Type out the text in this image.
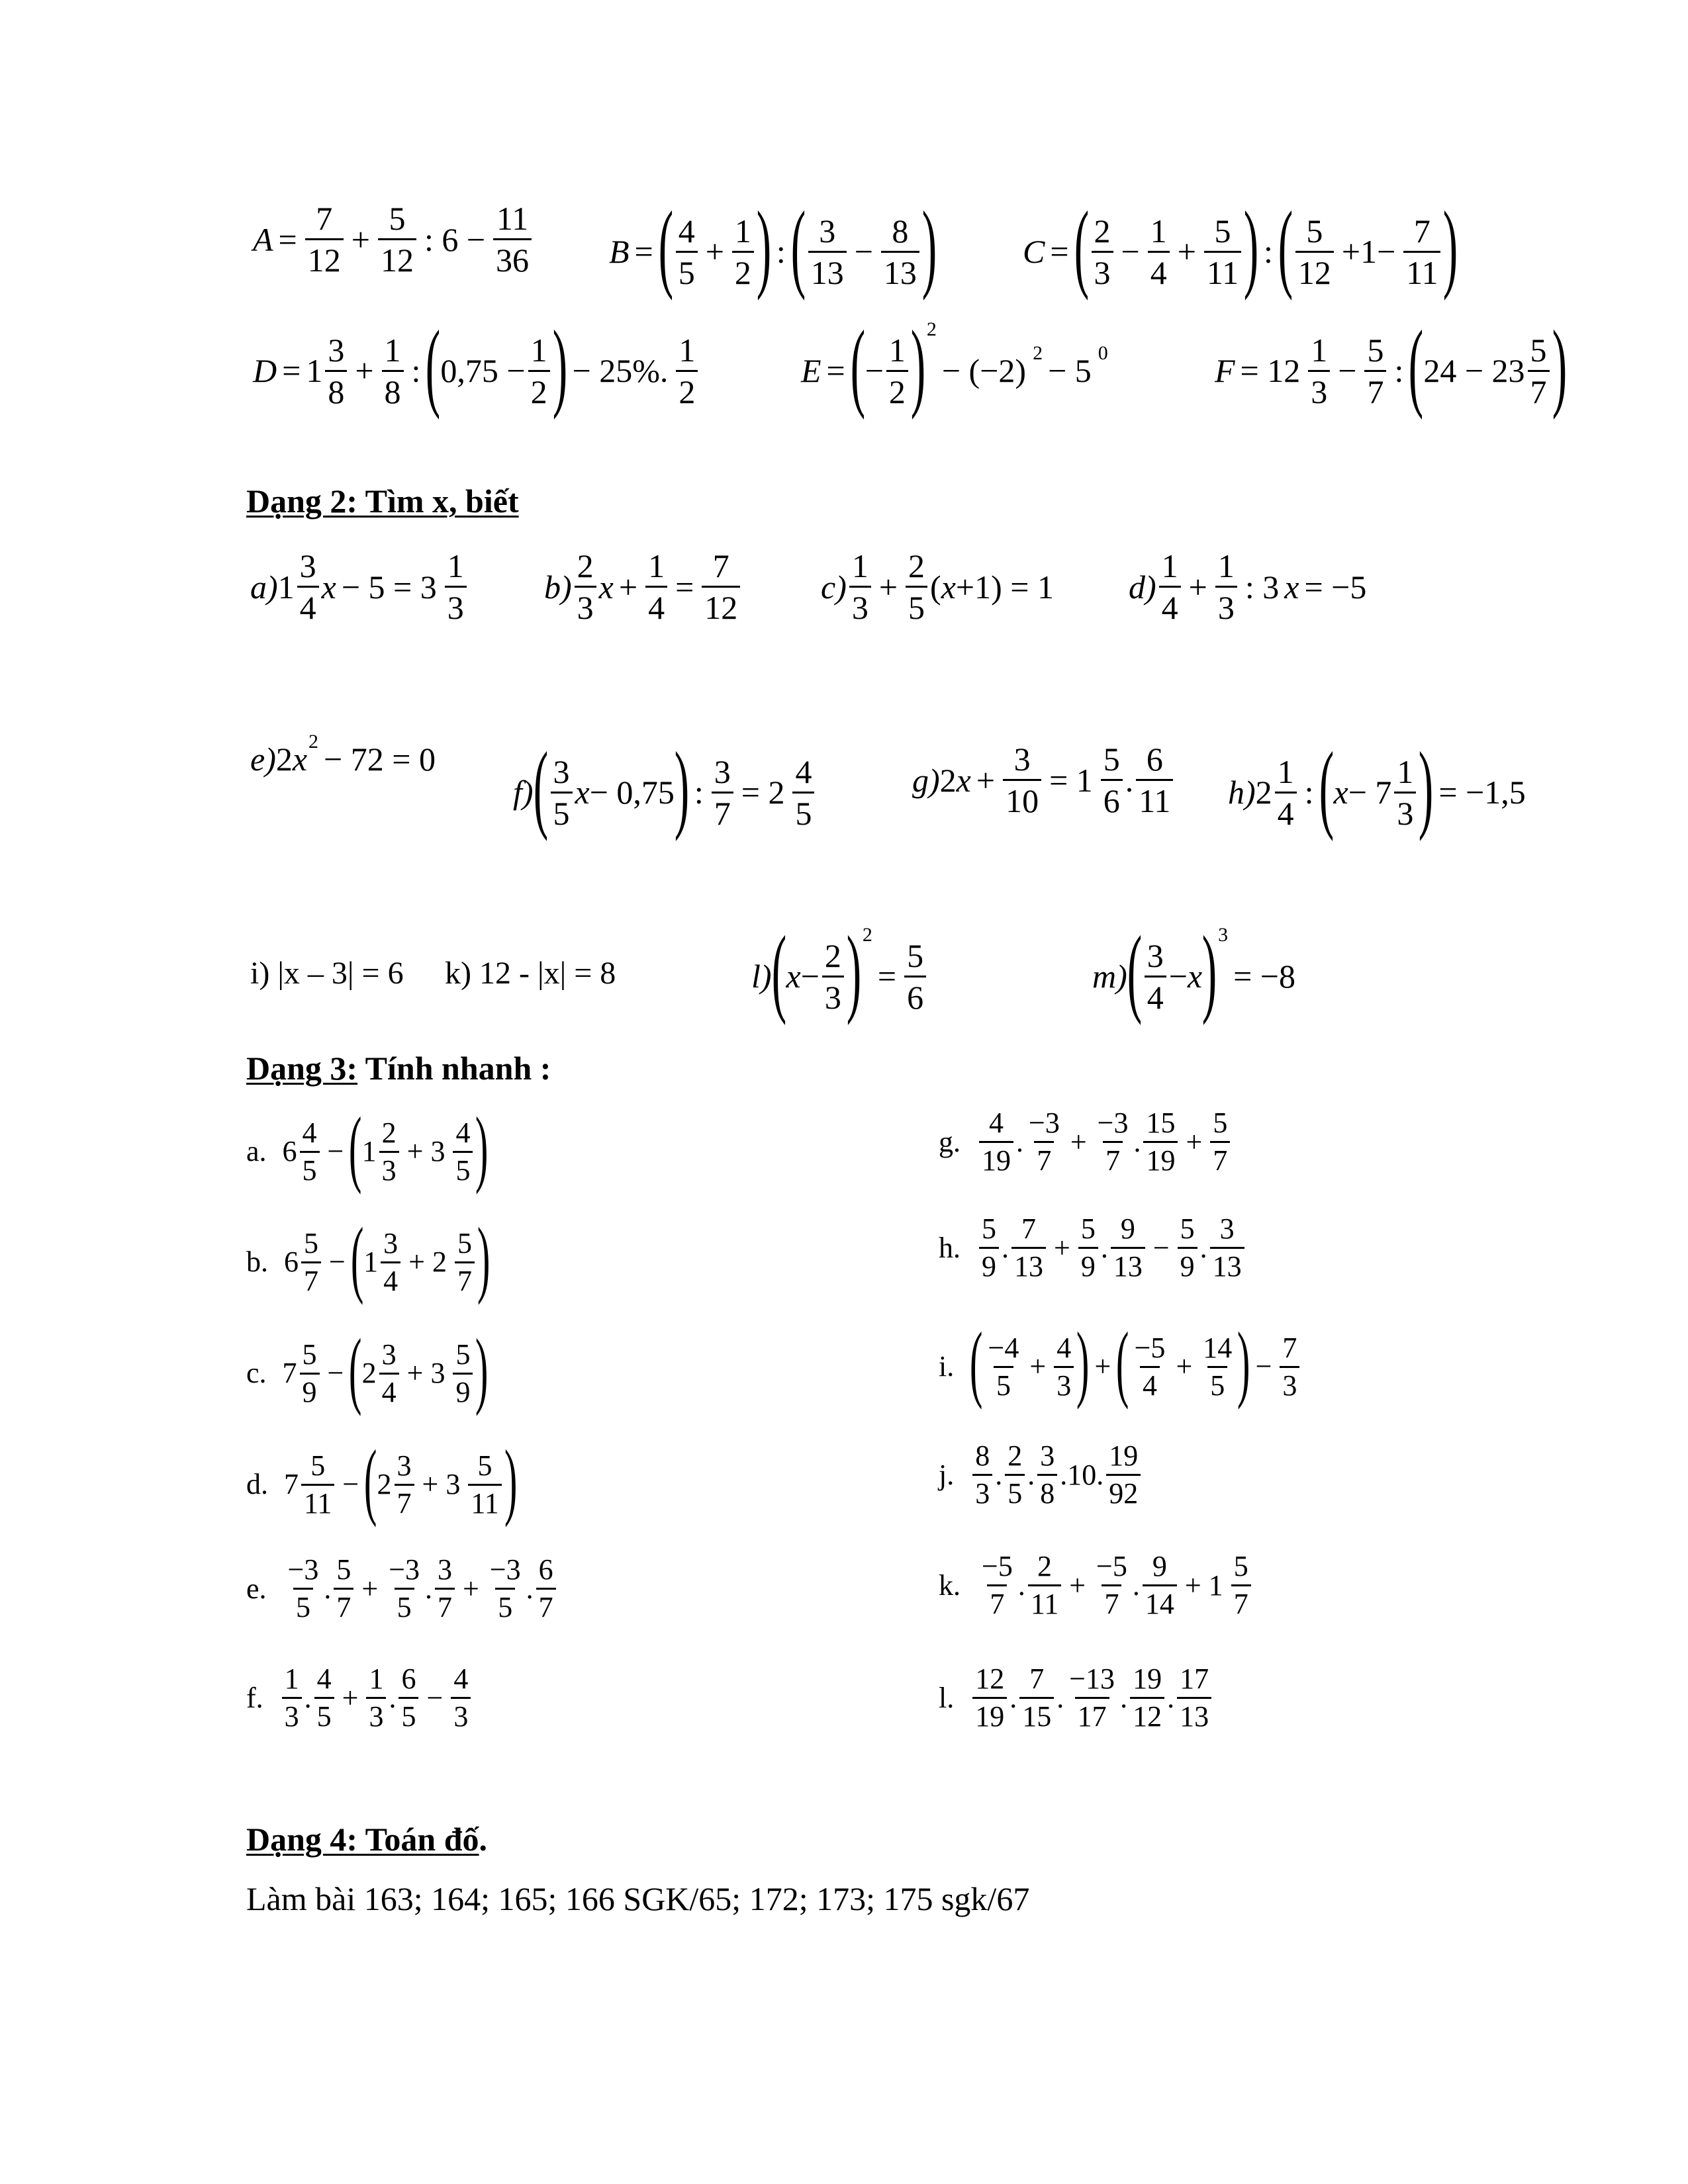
$A = \frac{7}{12} + \frac{5}{12}$ : $6 - \frac{11}{36}$ B = ( $\frac{4}{5} + \frac{1}{2}$ ) : ( $\frac{3}{13} - \frac{8}{13}$ )	C = ( $\frac{2}{3} - \frac{1}{4} + \frac{5}{11}$ ) : ( $\frac{5}{12} +1- \frac{7}{11}$ )
$D = 1 \frac{3}{8} + \frac{1}{8}$ : ( $0,75 - \frac{1}{2}$ ) − 25%. $\frac{1}{2}$	E = ( − $\frac{1}{2}$ ) 2
− (−2) 2 − 5 0	$F = 12 \frac{1}{3} - \frac{5}{7}$ : ( $24 - 23 \frac{5}{7}$ )
Dạng 2: Tìm x, biết
a) $1 \frac{3}{4}$ $x - 5 = 3 \frac{1}{3} b) \frac{2}{3}$ $x + \frac{1}{4} = \frac{7}{12} c) \frac{1}{3} + \frac{2}{5}$ ( x +1) = 1 $d) \frac{1}{4} + \frac{1}{3}$ : 3 x = −5
e) 2 x 2 − 72 = 0
f) ( $\frac{3}{5}$ x − 0,75 ) : $\frac{3}{7} = 2 \frac{4}{5}$	g) 2 $x + \frac{3}{10} = 1 \frac{5}{6}$ . $\frac{6}{11} h$) $2 \frac{1}{4}$ : ( $x - 7 \frac{1}{3}$ ) = −1,5
i) |x – 3| = 6 k) 12 - |x| = 8	l) ( $x - \frac{2}{3}$ ) 2
= $\frac{5}{6}$	m) ( $\frac{3}{4} - x$ ) 3
= −8
Dạng 3: Tính nhanh :
a. $6 \frac{4}{5}$ − ( $1 \frac{2}{3} + 3 \frac{4}{5}$ )
b. $6 \frac{5}{7}$ − ( $1 \frac{3}{4} + 2 \frac{5}{7}$ )
c. $7 \frac{5}{9}$ − ( $2 \frac{3}{4} + 3 \frac{5}{9}$ )
d. $7 \frac{5}{11}$ − ( $2 \frac{3}{7} + 3 \frac{5}{11}$ )
e. $\frac{-3}{5}$ . $\frac{5}{7} + \frac{-3}{5}$ . $\frac{3}{7} + \frac{-3}{5}$ . $\frac{6}{7}$
f. $\frac{1}{3}$ . $\frac{4}{5} + \frac{1}{3}$ . $\frac{6}{5} - \frac{4}{3}$
g. $\frac{4}{19}$ . $\frac{-3}{7} + \frac{-3}{7}$ . $\frac{15}{19} + \frac{5}{7}$
h. $\frac{5}{9}$ . $\frac{7}{13} + \frac{5}{9}$ . $\frac{9}{13} - \frac{5}{9}$ . $\frac{3}{13}$
i. ( $\frac{-4}{5} + \frac{4}{3}$ ) + ( $\frac{-5}{4} + \frac{14}{5}$ ) − $\frac{7}{3}$
j. $\frac{8}{3}$ . $\frac{2}{5}$ . $\frac{3}{8} .10$. $\frac{19}{92}$
k. $\frac{-5}{7}$ . $\frac{2}{11} + \frac{-5}{7}$ . $\frac{9}{14} + 1 \frac{5}{7}$
l. $\frac{12}{19}$ . $\frac{7}{15}$ . $\frac{-13}{17}$ . $\frac{19}{12}$ . $\frac{17}{13}$
Dạng 4: Toán đố.
Làm bài 163; 164; 165; 166 SGK/65; 172; 173; 175 sgk/67
